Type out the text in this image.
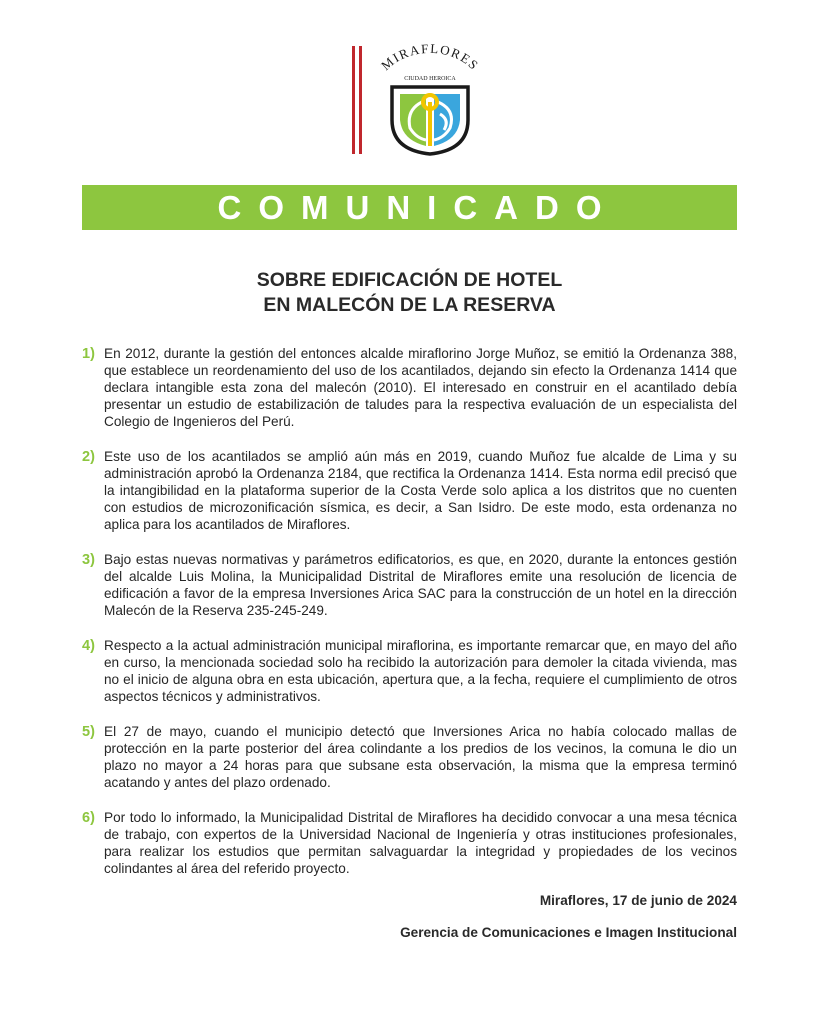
MIRAFLORES
CIUDAD HEROICA
COMUNICADO
SOBRE EDIFICACIÓN DE HOTEL
EN MALECÓN DE LA RESERVA
1) En 2012, durante la gestión del entonces alcalde miraflorino Jorge Muñoz, se emitió la Ordenanza 388, que establece un reordenamiento del uso de los acantilados, dejando sin efecto la Ordenanza 1414 que declara intangible esta zona del malecón (2010). El interesado en construir en el acantilado debía presentar un estudio de estabilización de taludes para la respectiva evaluación de un especialista del Colegio de Ingenieros del Perú.
2) Este uso de los acantilados se amplió aún más en 2019, cuando Muñoz fue alcalde de Lima y su administración aprobó la Ordenanza 2184, que rectifica la Ordenanza 1414. Esta norma edil precisó que la intangibilidad en la plataforma superior de la Costa Verde solo aplica a los distritos que no cuenten con estudios de microzonificación sísmica, es decir, a San Isidro. De este modo, esta ordenanza no aplica para los acantilados de Miraflores.
3) Bajo estas nuevas normativas y parámetros edificatorios, es que, en 2020, durante la entonces gestión del alcalde Luis Molina, la Municipalidad Distrital de Miraflores emite una resolución de licencia de edificación a favor de la empresa Inversiones Arica SAC para la construcción de un hotel en la dirección Malecón de la Reserva 235-245-249.
4) Respecto a la actual administración municipal miraflorina, es importante remarcar que, en mayo del año en curso, la mencionada sociedad solo ha recibido la autorización para demoler la citada vivienda, mas no el inicio de alguna obra en esta ubicación, apertura que, a la fecha, requiere el cumplimiento de otros aspectos técnicos y administrativos.
5) El 27 de mayo, cuando el municipio detectó que Inversiones Arica no había colocado mallas de protección en la parte posterior del área colindante a los predios de los vecinos, la comuna le dio un plazo no mayor a 24 horas para que subsane esta observación, la misma que la empresa terminó acatando y antes del plazo ordenado.
6) Por todo lo informado, la Municipalidad Distrital de Miraflores ha decidido convocar a una mesa técnica de trabajo, con expertos de la Universidad Nacional de Ingeniería y otras instituciones profesionales, para realizar los estudios que permitan salvaguardar la integridad y propiedades de los vecinos colindantes al área del referido proyecto.
Miraflores, 17 de junio de 2024
Gerencia de Comunicaciones e Imagen Institucional
